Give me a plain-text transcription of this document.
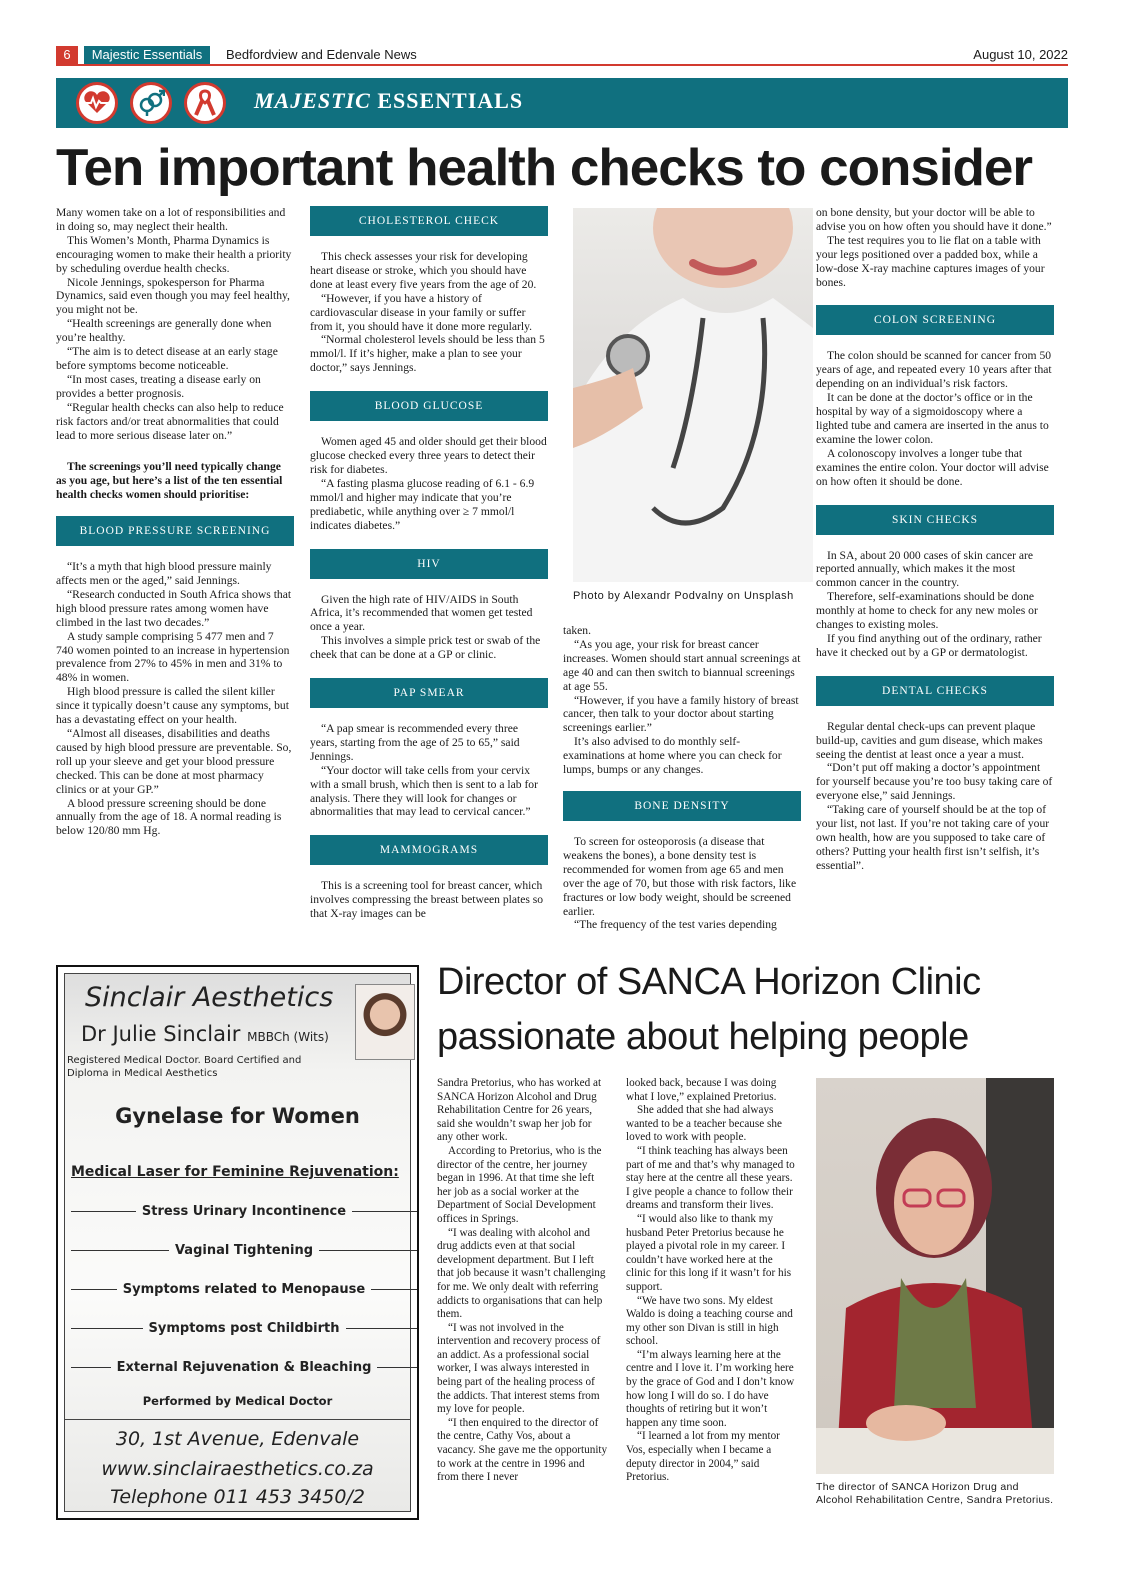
6	Majestic Essentials	Bedfordview and Edenvale News	August 10, 2022
MAJESTIC ESSENTIALS
Ten important health checks to consider

Many women take on a lot of responsibilities and in doing so, may neglect their health.

This Women’s Month, Pharma Dynamics is encouraging women to make their health a priority by scheduling overdue health checks.

Nicole Jennings, spokesperson for Pharma Dynamics, said even though you may feel healthy, you might not be.

“Health screenings are generally done when you’re healthy.

“The aim is to detect disease at an early stage before symptoms become noticeable.

“In most cases, treating a disease early on provides a better prognosis.

“Regular health checks can also help to reduce risk factors and/or treat abnormalities that could lead to more serious disease later on.”

The screenings you’ll need typically change as you age, but here’s a list of the ten essential health checks women should prioritise:

BLOOD PRESSURE SCREENING

“It’s a myth that high blood pressure mainly affects men or the aged,” said Jennings.

“Research conducted in South Africa shows that high blood pressure rates among women have climbed in the last two decades.”

A study sample comprising 5 477 men and 7 740 women pointed to an increase in hypertension prevalence from 27% to 45% in men and 31% to 48% in women.

High blood pressure is called the silent killer since it typically doesn’t cause any symptoms, but has a devastating effect on your health.

“Almost all diseases, disabilities and deaths caused by high blood pressure are preventable. So, roll up your sleeve and get your blood pressure checked. This can be done at most pharmacy clinics or at your GP.”

A blood pressure screening should be done annually from the age of 18. A normal reading is below 120/80 mm Hg.

CHOLESTEROL CHECK

This check assesses your risk for developing heart disease or stroke, which you should have done at least every five years from the age of 20.

“However, if you have a history of cardiovascular disease in your family or suffer from it, you should have it done more regularly.

“Normal cholesterol levels should be less than 5 mmol/l. If it’s higher, make a plan to see your doctor,” says Jennings.

BLOOD GLUCOSE

Women aged 45 and older should get their blood glucose checked every three years to detect their risk for diabetes.

“A fasting plasma glucose reading of 6.1 - 6.9 mmol/l and higher may indicate that you’re prediabetic, while anything over ≥ 7 mmol/l indicates diabetes.”

HIV

Given the high rate of HIV/AIDS in South Africa, it’s recommended that women get tested once a year.

This involves a simple prick test or swab of the cheek that can be done at a GP or clinic.

PAP SMEAR

“A pap smear is recommended every three years, starting from the age of 25 to 65,” said Jennings.

“Your doctor will take cells from your cervix with a small brush, which then is sent to a lab for analysis. There they will look for changes or abnormalities that may lead to cervical cancer.”

MAMMOGRAMS

This is a screening tool for breast cancer, which involves compressing the breast between plates so that X-ray images can be

Photo by Alexandr Podvalny on Unsplash

taken.

“As you age, your risk for breast cancer increases. Women should start annual screenings at age 40 and can then switch to biannual screenings at age 55.

“However, if you have a family history of breast cancer, then talk to your doctor about starting screenings earlier.”

It’s also advised to do monthly self-examinations at home where you can check for lumps, bumps or any changes.

BONE DENSITY

To screen for osteoporosis (a disease that weakens the bones), a bone density test is recommended for women from age 65 and men over the age of 70, but those with risk factors, like fractures or low body weight, should be screened earlier.

“The frequency of the test varies depending

on bone density, but your doctor will be able to advise you on how often you should have it done.”

The test requires you to lie flat on a table with your legs positioned over a padded box, while a low-dose X-ray machine captures images of your bones.

COLON SCREENING

The colon should be scanned for cancer from 50 years of age, and repeated every 10 years after that depending on an individual’s risk factors.

It can be done at the doctor’s office or in the hospital by way of a sigmoidoscopy where a lighted tube and camera are inserted in the anus to examine the lower colon.

A colonoscopy involves a longer tube that examines the entire colon. Your doctor will advise on how often it should be done.

SKIN CHECKS

In SA, about 20 000 cases of skin cancer are reported annually, which makes it the most common cancer in the country.

Therefore, self-examinations should be done monthly at home to check for any new moles or changes to existing moles.

If you find anything out of the ordinary, rather have it checked out by a GP or dermatologist.

DENTAL CHECKS

Regular dental check-ups can prevent plaque build-up, cavities and gum disease, which makes seeing the dentist at least once a year a must.

“Don’t put off making a doctor’s appointment for yourself because you’re too busy taking care of everyone else,” said Jennings.

“Taking care of yourself should be at the top of your list, not last. If you’re not taking care of your own health, how are you supposed to take care of others? Putting your health first isn’t selfish, it’s essential”.

Sinclair Aesthetics
Dr Julie Sinclair MBBCh (Wits)
Registered Medical Doctor. Board Certified and Diploma in Medical Aesthetics
Gynelase for Women
Medical Laser for Feminine Rejuvenation:
Stress Urinary Incontinence
Vaginal Tightening
Symptoms related to Menopause
Symptoms post Childbirth
External Rejuvenation & Bleaching
Performed by Medical Doctor
30, 1st Avenue, Edenvale
www.sinclairaesthetics.co.za
Telephone 011 453 3450/2
Director of SANCA Horizon Clinic
passionate about helping people

Sandra Pretorius, who has worked at SANCA Horizon Alcohol and Drug Rehabilitation Centre for 26 years, said she wouldn’t swap her job for any other work.

According to Pretorius, who is the director of the centre, her journey began in 1996. At that time she left her job as a social worker at the Department of Social Development offices in Springs.

“I was dealing with alcohol and drug addicts even at that social development department. But I left that job because it wasn’t challenging for me. We only dealt with referring addicts to organisations that can help them.

“I was not involved in the intervention and recovery process of an addict. As a professional social worker, I was always interested in being part of the healing process of the addicts. That interest stems from my love for people.

“I then enquired to the director of the centre, Cathy Vos, about a vacancy. She gave me the opportunity to work at the centre in 1996 and from there I never

looked back, because I was doing what I love,” explained Pretorius.

She added that she had always wanted to be a teacher because she loved to work with people.

“I think teaching has always been part of me and that’s why managed to stay here at the centre all these years. I give people a chance to follow their dreams and transform their lives.

“I would also like to thank my husband Peter Pretorius because he played a pivotal role in my career. I couldn’t have worked here at the clinic for this long if it wasn’t for his support.

“We have two sons. My eldest Waldo is doing a teaching course and my other son Divan is still in high school.

“I’m always learning here at the centre and I love it. I’m working here by the grace of God and I don’t know how long I will do so. I do have thoughts of retiring but it won’t happen any time soon.

“I learned a lot from my mentor Vos, especially when I became a deputy director in 2004,” said Pretorius.

The director of SANCA Horizon Drug and Alcohol Rehabilitation Centre, Sandra Pretorius.
